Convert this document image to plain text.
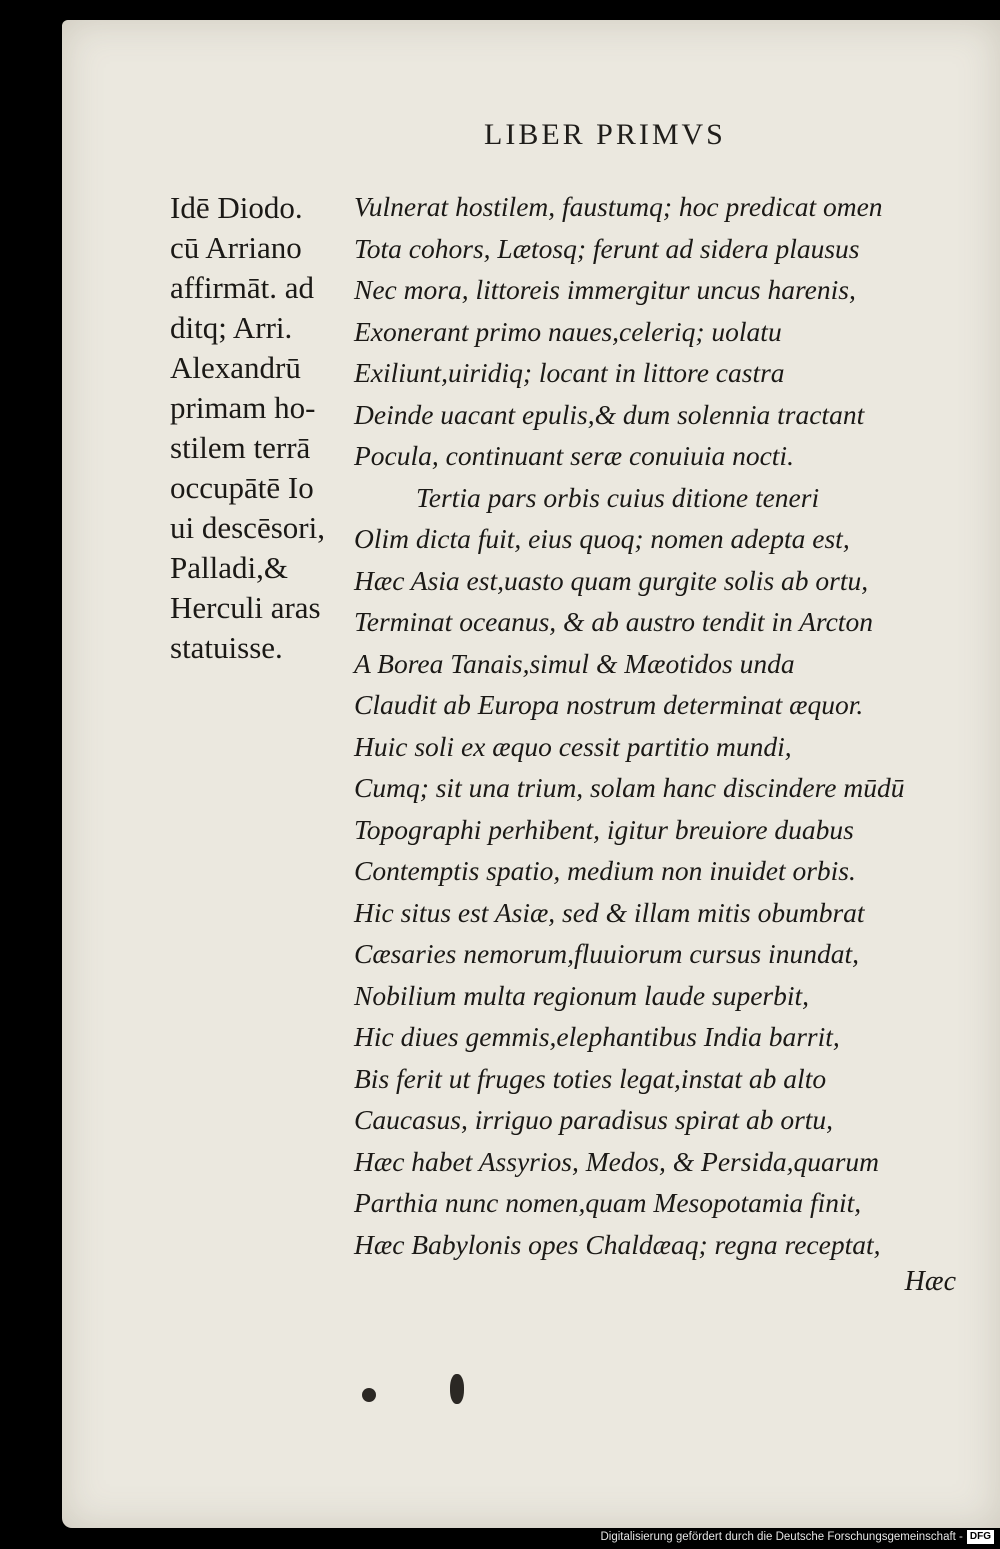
LIBER PRIMVS
Idē Diodo.
cū Arriano
affirmāt. ad
ditq; Arri.
Alexandrū
primam ho-
stilem terrā
occupātē Io
ui descēsori,
Palladi,&
Herculi aras
statuisse.
Vulnerat hostilem, faustumq; hoc predicat omen
Tota cohors, Lætosq; ferunt ad sidera plausus
Nec mora, littoreis immergitur uncus harenis,
Exonerant primo naues,celeriq; uolatu
Exiliunt,uiridiq; locant in littore castra
Deinde uacant epulis,& dum solennia tractant
Pocula, continuant seræ conuiuia nocti.
Tertia pars orbis cuius ditione teneri
Olim dicta fuit, eius quoq; nomen adepta est,
Hæc Asia est,uasto quam gurgite solis ab ortu,
Terminat oceanus, & ab austro tendit in Arcton
A Borea Tanais,simul & Mæotidos unda
Claudit ab Europa nostrum determinat æquor.
Huic soli ex æquo cessit partitio mundi,
Cumq; sit una trium, solam hanc discindere mūdū
Topographi perhibent, igitur breuiore duabus
Contemptis spatio, medium non inuidet orbis.
Hic situs est Asiæ, sed & illam mitis obumbrat
Cæsaries nemorum,fluuiorum cursus inundat,
Nobilium multa regionum laude superbit,
Hic diues gemmis,elephantibus India barrit,
Bis ferit ut fruges toties legat,instat ab alto
Caucasus, irriguo paradisus spirat ab ortu,
Hæc habet Assyrios, Medos, & Persida,quarum
Parthia nunc nomen,quam Mesopotamia finit,
Hæc Babylonis opes Chaldæaq; regna receptat,
Hæc
Digitalisierung gefördert durch die Deutsche Forschungsgemeinschaft - DFG
